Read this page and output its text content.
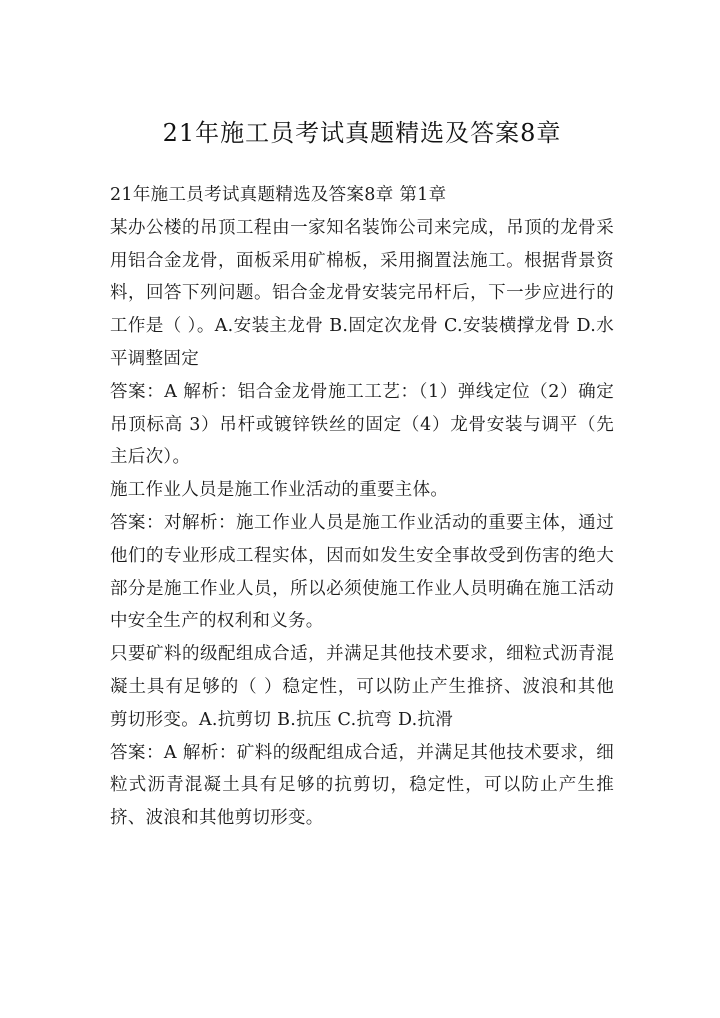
21年施工员考试真题精选及答案8章

21年施工员考试真题精选及答案8章 第1章

某办公楼的吊顶工程由一家知名装饰公司来完成，吊顶的龙骨采用铝合金龙骨，面板采用矿棉板，采用搁置法施工。根据背景资料，回答下列问题。铝合金龙骨安装完吊杆后，下一步应进行的工作是（ ）。A.安装主龙骨 B.固定次龙骨 C.安装横撑龙骨 D.水平调整固定

答案：A 解析：铝合金龙骨施工工艺：（1）弹线定位（2）确定吊顶标高 3）吊杆或镀锌铁丝的固定（4）龙骨安装与调平（先主后次）。

施工作业人员是施工作业活动的重要主体。

答案：对解析：施工作业人员是施工作业活动的重要主体，通过他们的专业形成工程实体，因而如发生安全事故受到伤害的绝大部分是施工作业人员，所以必须使施工作业人员明确在施工活动中安全生产的权利和义务。

只要矿料的级配组成合适，并满足其他技术要求，细粒式沥青混凝土具有足够的（ ）稳定性，可以防止产生推挤、波浪和其他剪切形变。A.抗剪切 B.抗压 C.抗弯 D.抗滑

答案：A 解析：矿料的级配组成合适，并满足其他技术要求，细粒式沥青混凝土具有足够的抗剪切，稳定性，可以防止产生推挤、波浪和其他剪切形变。
